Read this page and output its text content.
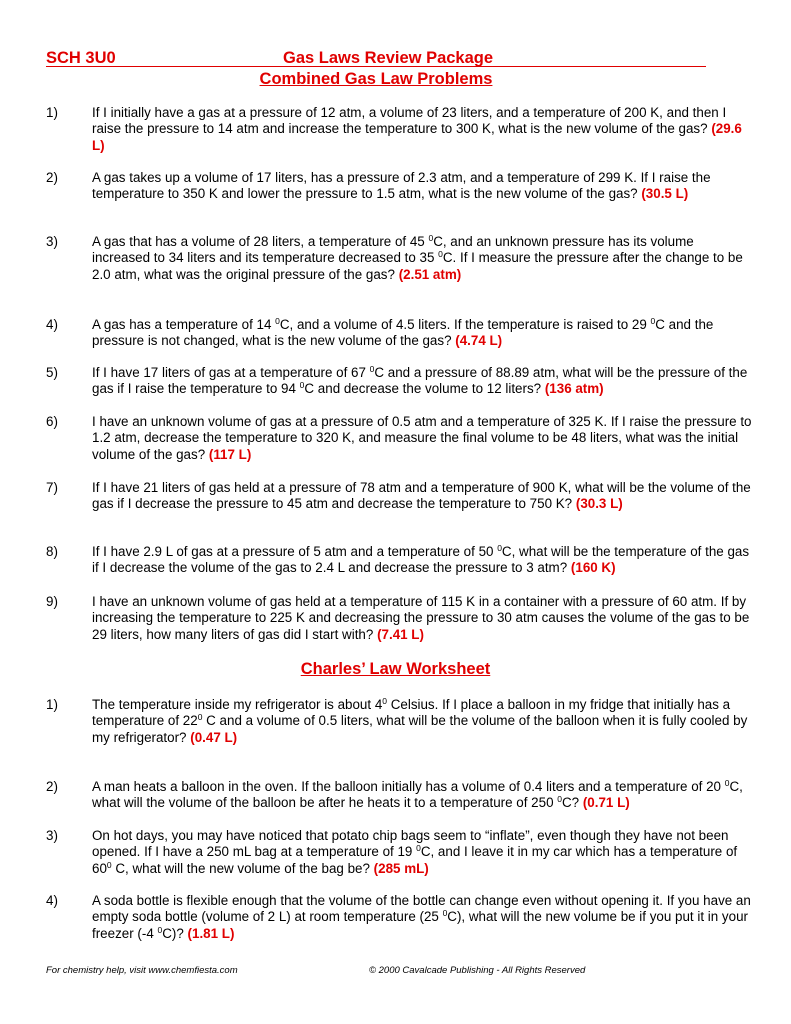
SCH 3U0	Gas Laws Review Package
Combined Gas Law Problems
1)	If I initially have a gas at a pressure of 12 atm, a volume of 23 liters, and a temperature of 200 K, and then I raise the pressure to 14 atm and increase the temperature to 300 K, what is the new volume of the gas? (29.6 L)
2)	A gas takes up a volume of 17 liters, has a pressure of 2.3 atm, and a temperature of 299 K. If I raise the temperature to 350 K and lower the pressure to 1.5 atm, what is the new volume of the gas? (30.5 L)
3)	A gas that has a volume of 28 liters, a temperature of 45 $^0$C, and an unknown pressure has its volume increased to 34 liters and its temperature decreased to 35 $^0$C. If I measure the pressure after the change to be 2.0 atm, what was the original pressure of the gas? (2.51 atm)
4)	A gas has a temperature of 14 $^0$C, and a volume of 4.5 liters. If the temperature is raised to 29 $^0$C and the pressure is not changed, what is the new volume of the gas? (4.74 L)
5)	If I have 17 liters of gas at a temperature of 67 $^0$C and a pressure of 88.89 atm, what will be the pressure of the gas if I raise the temperature to 94 $^0$C and decrease the volume to 12 liters? (136 atm)
6)	I have an unknown volume of gas at a pressure of 0.5 atm and a temperature of 325 K. If I raise the pressure to 1.2 atm, decrease the temperature to 320 K, and measure the final volume to be 48 liters, what was the initial volume of the gas? (117 L)
7)	If I have 21 liters of gas held at a pressure of 78 atm and a temperature of 900 K, what will be the volume of the gas if I decrease the pressure to 45 atm and decrease the temperature to 750 K? (30.3 L)
8)	If I have 2.9 L of gas at a pressure of 5 atm and a temperature of 50 $^0$C, what will be the temperature of the gas if I decrease the volume of the gas to 2.4 L and decrease the pressure to 3 atm? (160 K)
9)	I have an unknown volume of gas held at a temperature of 115 K in a container with a pressure of 60 atm. If by increasing the temperature to 225 K and decreasing the pressure to 30 atm causes the volume of the gas to be 29 liters, how many liters of gas did I start with? (7.41 L)
Charles’ Law Worksheet
1)	The temperature inside my refrigerator is about $4^0$ Celsius. If I place a balloon in my fridge that initially has a temperature of $22^0$ C and a volume of 0.5 liters, what will be the volume of the balloon when it is fully cooled by my refrigerator? (0.47 L)
2)	A man heats a balloon in the oven. If the balloon initially has a volume of 0.4 liters and a temperature of 20 $^0$C, what will the volume of the balloon be after he heats it to a temperature of 250 $^0$C? (0.71 L)
3)	On hot days, you may have noticed that potato chip bags seem to “inflate”, even though they have not been opened. If I have a 250 mL bag at a temperature of 19 $^0$C, and I leave it in my car which has a temperature of $60^0$ C, what will the new volume of the bag be? (285 mL)
4)	A soda bottle is flexible enough that the volume of the bottle can change even without opening it. If you have an empty soda bottle (volume of 2 L) at room temperature (25 $^0$C), what will the new volume be if you put it in your freezer (-4 $^0$C)? (1.81 L)
For chemistry help, visit www.chemfiesta.com	© 2000 Cavalcade Publishing - All Rights Reserved
